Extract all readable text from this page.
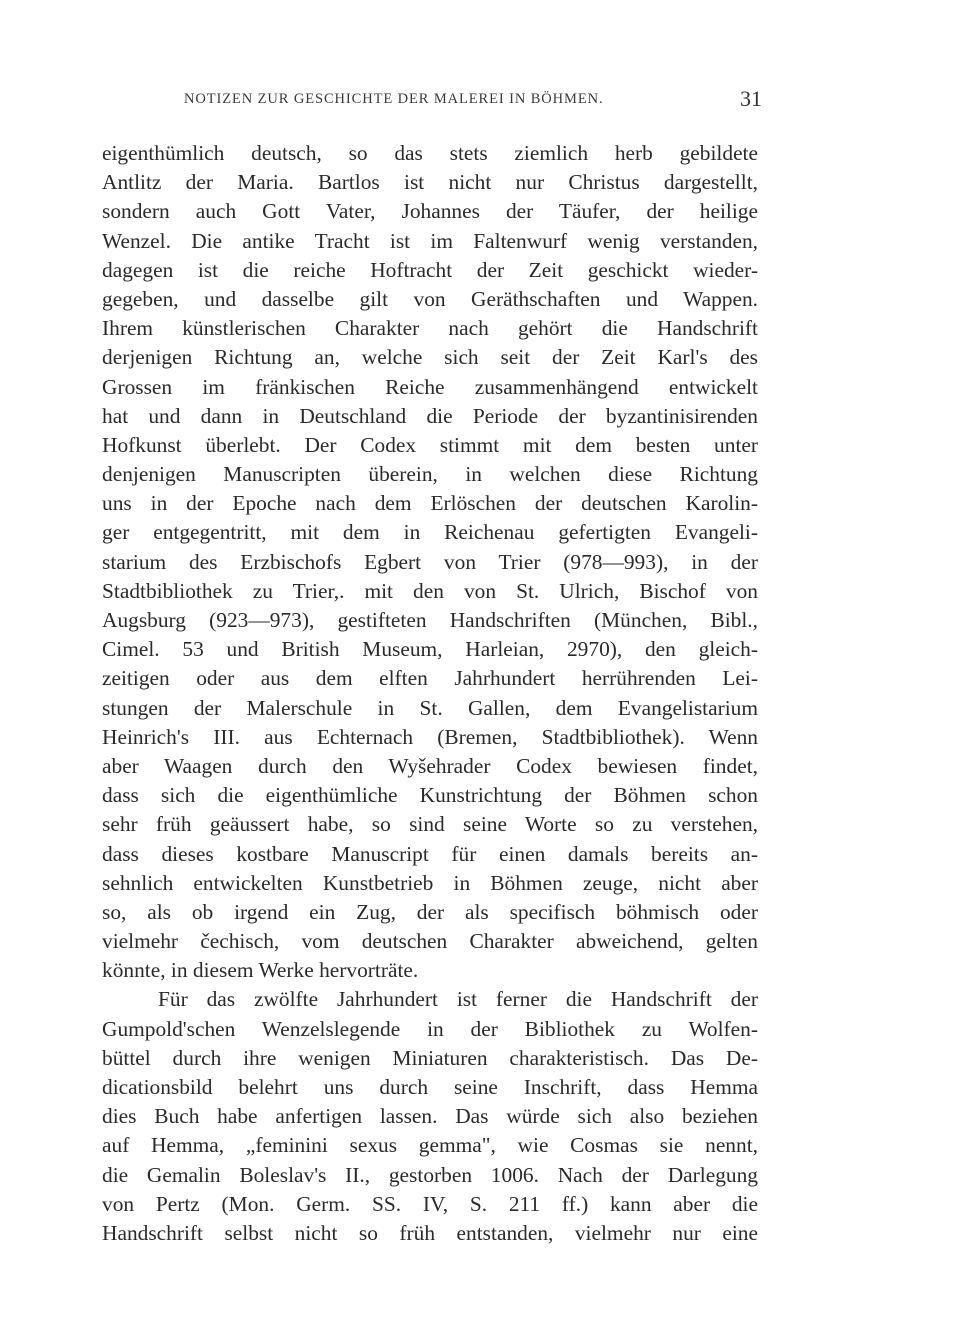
NOTIZEN ZUR GESCHICHTE DER MALEREI IN BÖHMEN.	31
eigenthümlich deutsch, so das stets ziemlich herb gebildete
Antlitz der Maria. Bartlos ist nicht nur Christus dargestellt,
sondern auch Gott Vater, Johannes der Täufer, der heilige
Wenzel. Die antike Tracht ist im Faltenwurf wenig verstanden,
dagegen ist die reiche Hoftracht der Zeit geschickt wieder-
gegeben, und dasselbe gilt von Geräthschaften und Wappen.
Ihrem künstlerischen Charakter nach gehört die Handschrift
derjenigen Richtung an, welche sich seit der Zeit Karl's des
Grossen im fränkischen Reiche zusammenhängend entwickelt
hat und dann in Deutschland die Periode der byzantinisirenden
Hofkunst überlebt. Der Codex stimmt mit dem besten unter
denjenigen Manuscripten überein, in welchen diese Richtung
uns in der Epoche nach dem Erlöschen der deutschen Karolin-
ger entgegentritt, mit dem in Reichenau gefertigten Evangeli-
starium des Erzbischofs Egbert von Trier (978—993), in der
Stadtbibliothek zu Trier,. mit den von St. Ulrich, Bischof von
Augsburg (923—973), gestifteten Handschriften (München, Bibl.,
Cimel. 53 und British Museum, Harleian, 2970), den gleich-
zeitigen oder aus dem elften Jahrhundert herrührenden Lei-
stungen der Malerschule in St. Gallen, dem Evangelistarium
Heinrich's III. aus Echternach (Bremen, Stadtbibliothek). Wenn
aber Waagen durch den Wyšehrader Codex bewiesen findet,
dass sich die eigenthümliche Kunstrichtung der Böhmen schon
sehr früh geäussert habe, so sind seine Worte so zu verstehen,
dass dieses kostbare Manuscript für einen damals bereits an-
sehnlich entwickelten Kunstbetrieb in Böhmen zeuge, nicht aber
so, als ob irgend ein Zug, der als specifisch böhmisch oder
vielmehr čechisch, vom deutschen Charakter abweichend, gelten
könnte, in diesem Werke hervorträte.
Für das zwölfte Jahrhundert ist ferner die Handschrift der
Gumpold'schen Wenzelslegende in der Bibliothek zu Wolfen-
büttel durch ihre wenigen Miniaturen charakteristisch. Das De-
dicationsbild belehrt uns durch seine Inschrift, dass Hemma
dies Buch habe anfertigen lassen. Das würde sich also beziehen
auf Hemma, „feminini sexus gemma", wie Cosmas sie nennt,
die Gemalin Boleslav's II., gestorben 1006. Nach der Darlegung
von Pertz (Mon. Germ. SS. IV, S. 211 ff.) kann aber die
Handschrift selbst nicht so früh entstanden, vielmehr nur eine
